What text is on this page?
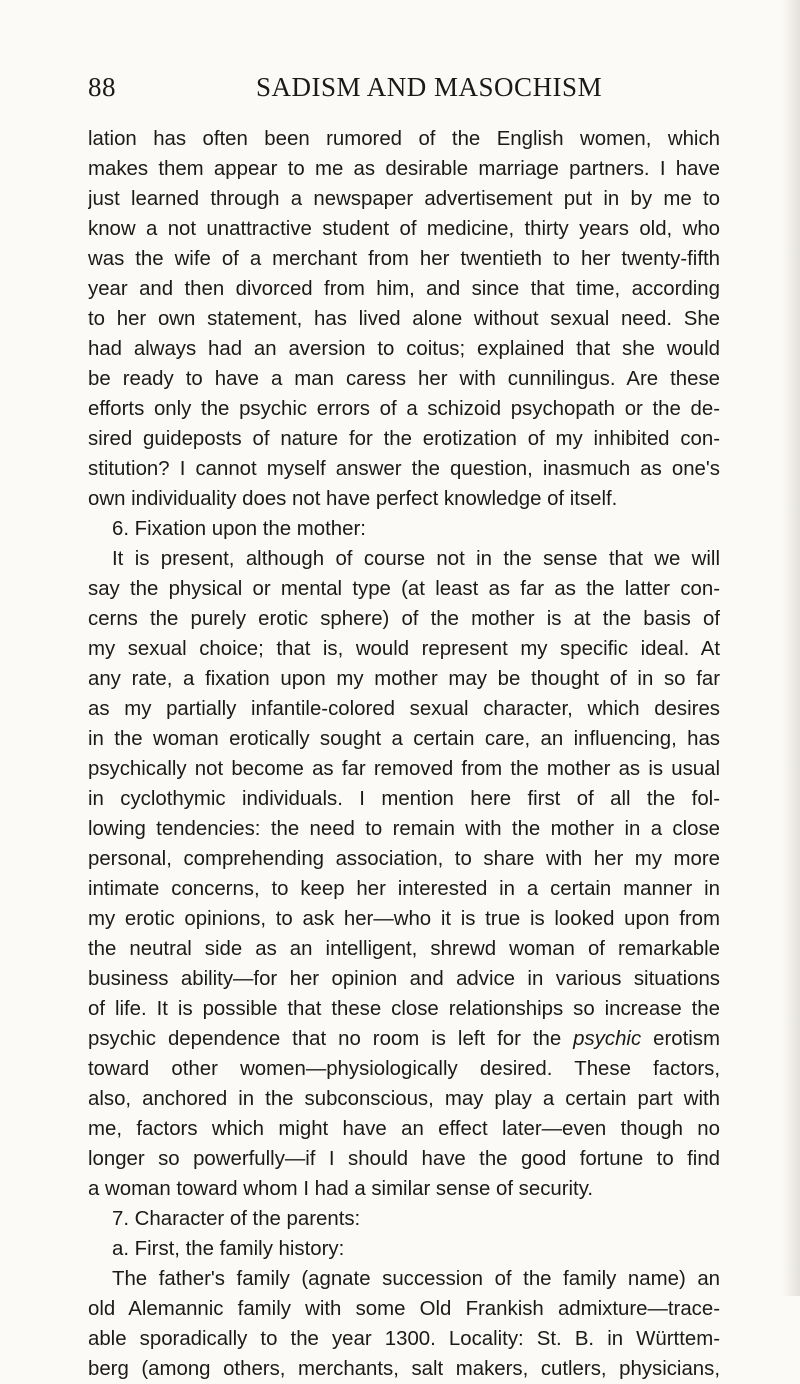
88	SADISM AND MASOCHISM
lation has often been rumored of the English women, which
makes them appear to me as desirable marriage partners. I have
just learned through a newspaper advertisement put in by me to
know a not unattractive student of medicine, thirty years old, who
was the wife of a merchant from her twentieth to her twenty-fifth
year and then divorced from him, and since that time, according
to her own statement, has lived alone without sexual need. She
had always had an aversion to coitus; explained that she would
be ready to have a man caress her with cunnilingus. Are these
efforts only the psychic errors of a schizoid psychopath or the de-
sired guideposts of nature for the erotization of my inhibited con-
stitution? I cannot myself answer the question, inasmuch as one's
own individuality does not have perfect knowledge of itself.
6. Fixation upon the mother:
It is present, although of course not in the sense that we will
say the physical or mental type (at least as far as the latter con-
cerns the purely erotic sphere) of the mother is at the basis of
my sexual choice; that is, would represent my specific ideal. At
any rate, a fixation upon my mother may be thought of in so far
as my partially infantile-colored sexual character, which desires
in the woman erotically sought a certain care, an influencing, has
psychically not become as far removed from the mother as is usual
in cyclothymic individuals. I mention here first of all the fol-
lowing tendencies: the need to remain with the mother in a close
personal, comprehending association, to share with her my more
intimate concerns, to keep her interested in a certain manner in
my erotic opinions, to ask her—who it is true is looked upon from
the neutral side as an intelligent, shrewd woman of remarkable
business ability—for her opinion and advice in various situations
of life. It is possible that these close relationships so increase the
psychic dependence that no room is left for the psychic erotism
toward other women—physiologically desired. These factors,
also, anchored in the subconscious, may play a certain part with
me, factors which might have an effect later—even though no
longer so powerfully—if I should have the good fortune to find
a woman toward whom I had a similar sense of security.
7. Character of the parents:
a. First, the family history:
The father's family (agnate succession of the family name) an
old Alemannic family with some Old Frankish admixture—trace-
able sporadically to the year 1300. Locality: St. B. in Württem-
berg (among others, merchants, salt makers, cutlers, physicians,
